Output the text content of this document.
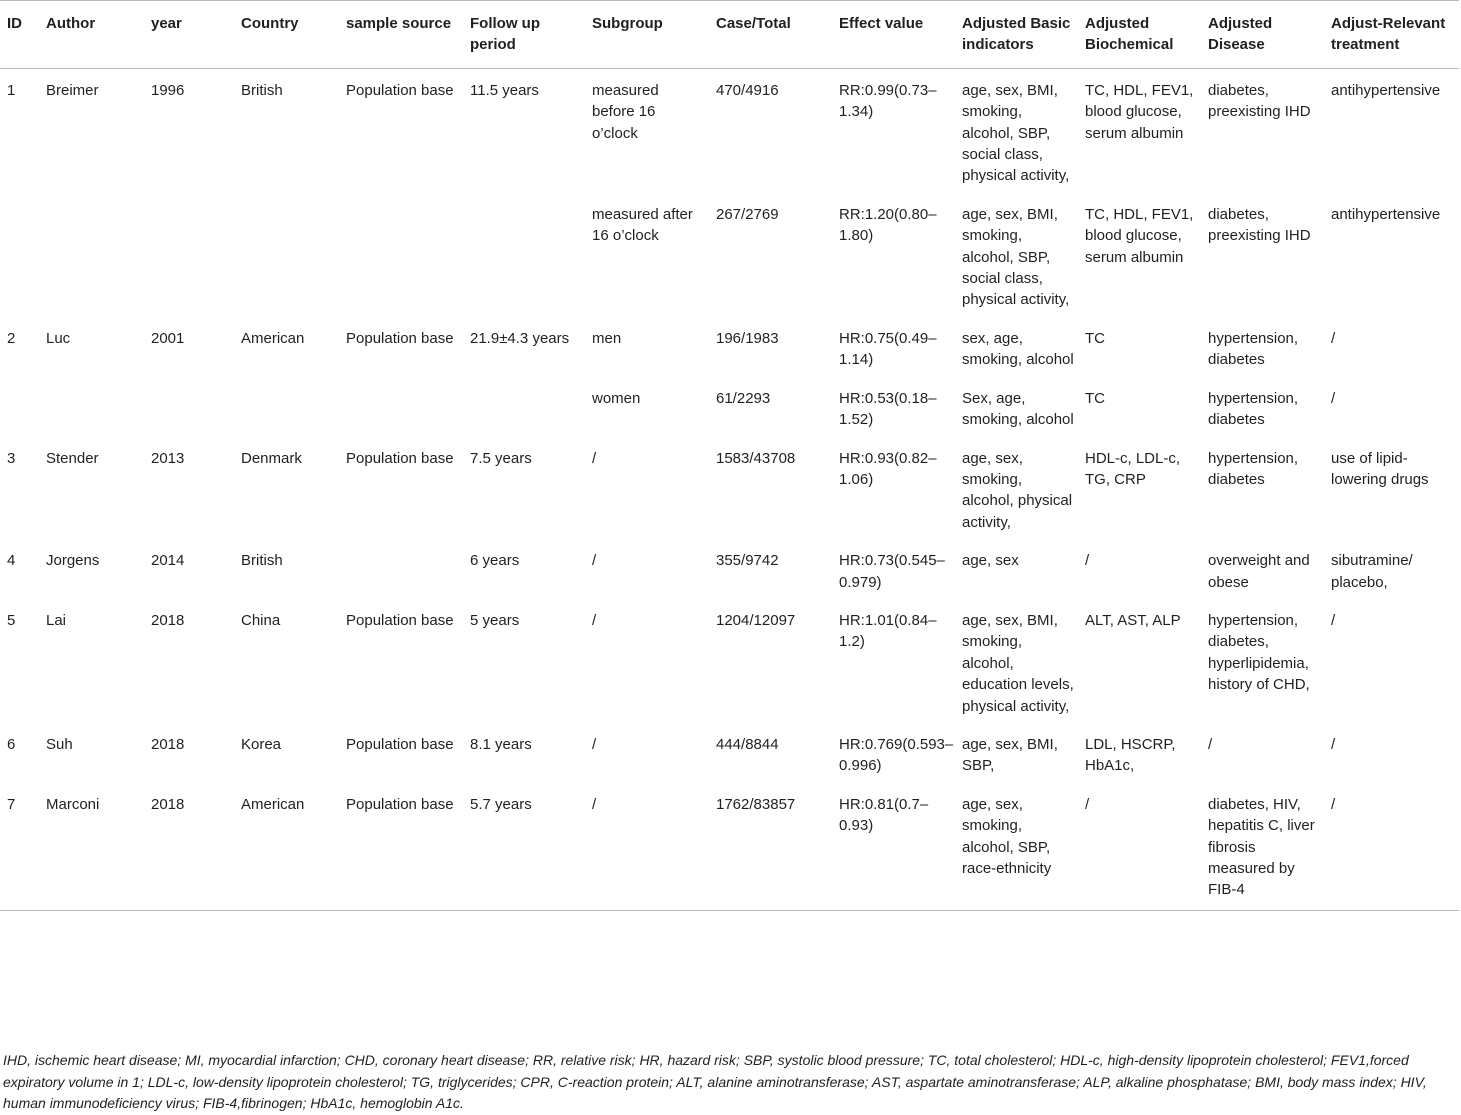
ID	Author	year	Country	sample source	Follow up period	Subgroup	Case/Total	Effect value	Adjusted Basic indicators	Adjusted Biochemical	Adjusted Disease	Adjust-Relevant treatment
1	Breimer	1996	British	Population base	11.5 years	measured before 16 o’clock	470/4916	RR:0.99(0.73–1.34)	age, sex, BMI, smoking, alcohol, SBP, social class, physical activity,	TC, HDL, FEV1, blood glucose, serum albumin	diabetes, preexisting IHD	antihypertensive
						measured after 16 o’clock	267/2769	RR:1.20(0.80–1.80)	age, sex, BMI, smoking, alcohol, SBP, social class, physical activity,	TC, HDL, FEV1, blood glucose, serum albumin	diabetes, preexisting IHD	antihypertensive
2	Luc	2001	American	Population base	21.9±4.3 years	men	196/1983	HR:0.75(0.49–1.14)	sex, age, smoking, alcohol	TC	hypertension, diabetes	/
						women	61/2293	HR:0.53(0.18–1.52)	Sex, age, smoking, alcohol	TC	hypertension, diabetes	/
3	Stender	2013	Denmark	Population base	7.5 years	/	1583/43708	HR:0.93(0.82–1.06)	age, sex, smoking, alcohol, physical activity,	HDL-c, LDL-c, TG, CRP	hypertension, diabetes	use of lipid-lowering drugs
4	Jorgens	2014	British		6 years	/	355/9742	HR:0.73(0.545–0.979)	age, sex	/	overweight and obese	sibutramine/ placebo,
5	Lai	2018	China	Population base	5 years	/	1204/12097	HR:1.01(0.84–1.2)	age, sex, BMI, smoking, alcohol, education levels, physical activity,	ALT, AST, ALP	hypertension, diabetes, hyperlipidemia, history of CHD,	/
6	Suh	2018	Korea	Population base	8.1 years	/	444/8844	HR:0.769(0.593–0.996)	age, sex, BMI, SBP,	LDL, HSCRP, HbA1c,	/	/
7	Marconi	2018	American	Population base	5.7 years	/	1762/83857	HR:0.81(0.7–0.93)	age, sex, smoking, alcohol, SBP, race-ethnicity	/	diabetes, HIV, hepatitis C, liver fibrosis measured by FIB-4	/
IHD, ischemic heart disease; MI, myocardial infarction; CHD, coronary heart disease; RR, relative risk; HR, hazard risk; SBP, systolic blood pressure; TC, total cholesterol; HDL-c, high-density lipoprotein cholesterol; FEV1,forced expiratory volume in 1; LDL-c, low-density lipoprotein cholesterol; TG, triglycerides; CPR, C-reaction protein; ALT, alanine aminotransferase; AST, aspartate aminotransferase; ALP, alkaline phosphatase; BMI, body mass index; HIV, human immunodeficiency virus; FIB-4,fibrinogen; HbA1c, hemoglobin A1c.
